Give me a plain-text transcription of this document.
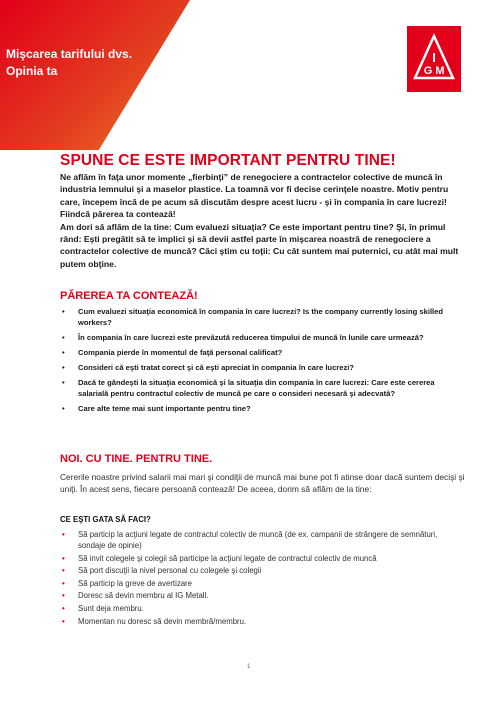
Mişcarea tarifului dvs.
Opinia ta
I
G M
SPUNE CE ESTE IMPORTANT PENTRU TINE!

Ne aflăm în faţa unor momente „fierbinţi” de renegociere a contractelor colective de muncă în industria lemnului şi a maselor plastice. La toamnă vor fi decise cerinţele noastre. Motiv pentru care, începem încă de pe acum să discutăm despre acest lucru - şi în compania în care lucrezi! Fiindcă părerea ta contează!

Am dori să aflăm de la tine: Cum evaluezi situaţia? Ce este important pentru tine? Şi, în primul rând: Eşti pregătit să te implici şi să devii astfel parte în mişcarea noastră de renegociere a contractelor colective de muncă? Căci ştim cu toţii: Cu cât suntem mai puternici, cu atât mai mult putem obţine.

PĂREREA TA CONTEAZĂ!
• Cum evaluezi situaţia economică în compania în care lucrezi? Is the company currently losing skilled workers?
• În compania în care lucrezi este prevăzută reducerea timpului de muncă în lunile care urmează?
• Compania pierde în momentul de faţă personal calificat?
• Consideri că eşti tratat corect şi că eşti apreciat în compania în care lucrezi?
• Dacă te gândeşti la situaţia economică şi la situaţia din compania în care lucrezi: Care este cererea salarială pentru contractul colectiv de muncă pe care o consideri necesară şi adecvată?
• Care alte teme mai sunt importante pentru tine?
NOI. CU TINE. PENTRU TINE.
Cererile noastre privind salarii mai mari şi condiţii de muncă mai bune pot fi atinse doar dacă suntem decişi şi uniţi. În acest sens, fiecare persoană contează! De aceea, dorim să aflăm de la tine:
CE EŞTI GATA SĂ FACI?
• Să particip la acţiuni legate de contractul colectiv de muncă (de ex. campanii de strângere de semnături, sondaje de opinie)
• Să invit colegele şi colegii să participe la acţiuni legate de contractul colectiv de muncă
• Să port discuţii la nivel personal cu colegele şi colegii
• Să particip la greve de avertizare
• Doresc să devin membru al IG Metall.
• Sunt deja membru.
• Momentan nu doresc să devin membră/membru.
1
